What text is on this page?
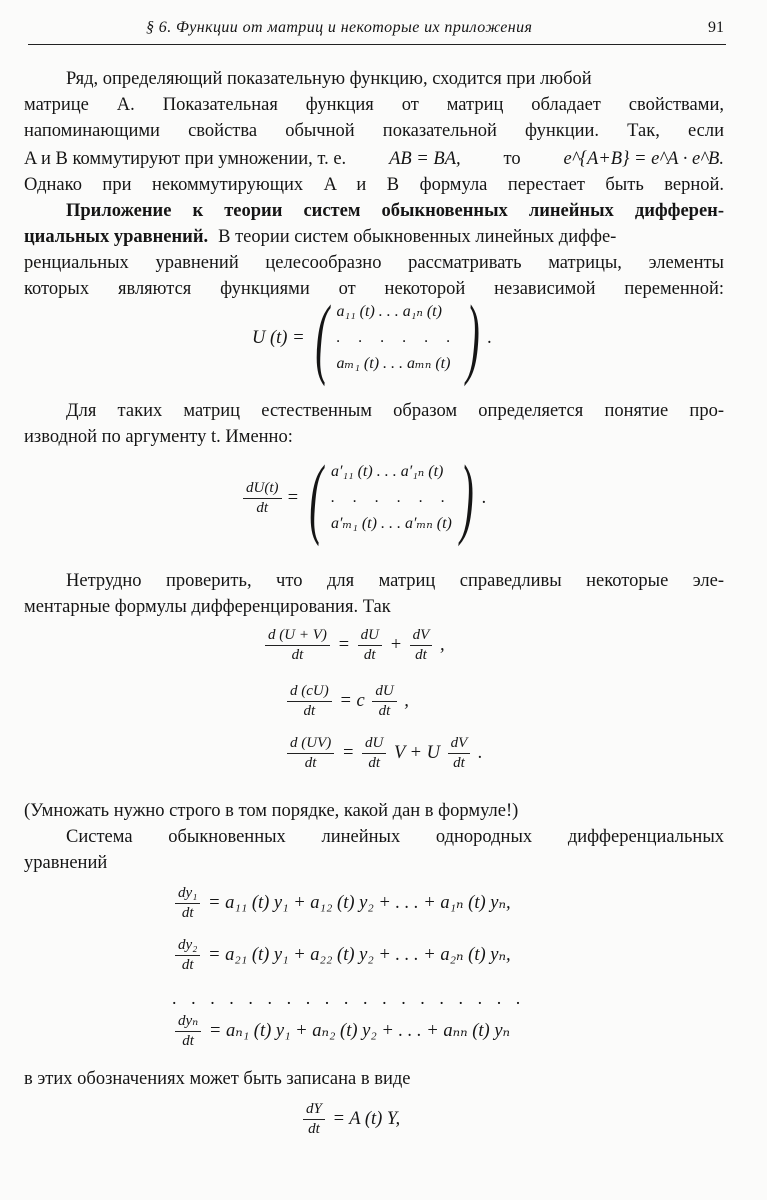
§ 6. Функции от матриц и некоторые их приложения	91
Ряд, определяющий показательную функцию, сходится при любой
матрице A. Показательная функция от матриц обладает свойствами,
напоминающими свойства обычной показательной функции. Так, если
A и B коммутируют при умножении, т. е. AB = BA, то e^{A+B} = e^A · e^B.
Однако при некоммутирующих A и B формула перестает быть верной.
Приложение к теории систем обыкновенных линейных дифферен-
циальных уравнений. В теории систем обыкновенных линейных диффе-
ренциальных уравнений целесообразно рассматривать матрицы, элементы
которых являются функциями от некоторой независимой переменной:
U (t) = ( a₁₁ (t) . . . a₁ₙ (t)
. . . . . .
aₘ₁ (t) . . . aₘₙ (t) ) .
Для таких матриц естественным образом определяется понятие про-
изводной по аргументу t. Именно:
$\frac{dU(t)}{dt}$ = ( a′₁₁ (t) . . . a′₁ₙ (t)
. . . . . .
a′ₘ₁ (t) . . . a′ₘₙ (t) ) .
Нетрудно проверить, что для матриц справедливы некоторые эле-
ментарные формулы дифференцирования. Так
$\frac{d (U + V)}{dt} = \frac{dU}{dt} + \frac{dV}{dt}$ ,
$\frac{d (cU)}{dt} = c \frac{dU}{dt}$ ,
$\frac{d (UV)}{dt} = \frac{dU}{dt}$ V + U $\frac{dV}{dt}$ .
(Умножать нужно строго в том порядке, какой дан в формуле!)
Система обыкновенных линейных однородных дифференциальных
уравнений
$\frac{\text{dy₁}}{dt} = a_{11}$ (t) y₁ + a₁₂ (t) y₂ + . . . + a₁ₙ (t) yₙ,
$\frac{\text{dy₂}}{dt} = a_{21}$ (t) y₁ + a₂₂ (t) y₂ + . . . + a₂ₙ (t) yₙ,
...................
$\frac{\text{dyₙ}}{dt} = a_{n1}$ (t) y₁ + aₙ₂ (t) y₂ + . . . + aₙₙ (t) yₙ
в этих обозначениях может быть записана в виде
$\frac{dY}{dt} = A$ (t) Y,
